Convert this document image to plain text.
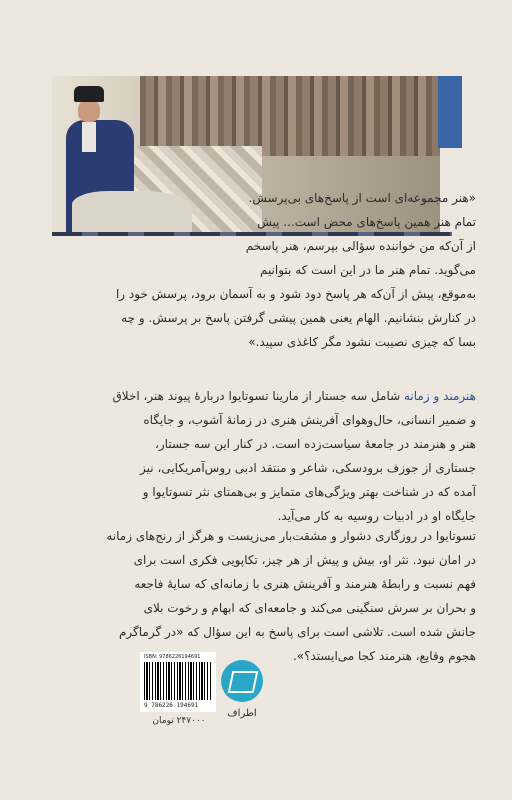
«هنر مجموعه‌ای است از پاسخ‌های بی‌پرسش.
تمام هنر همین پاسخ‌های محض است... پیش
از آن‌که من خواننده سؤالی بپرسم، هنر پاسخم
می‌گوید. تمام هنر ما در این است که بتوانیم
به‌موقع، پیش از آن‌که هر پاسخ دود شود و به آسمان برود، پرسش خود را
در کنارش بنشانیم. الهام یعنی همین پیشی گرفتن پاسخ بر پرسش. و چه
بسا که چیزی نصیبت نشود مگر کاغذی سپید.»
هنرمند و زمانه شامل سه جستار از مارینا تسوتایوا دربارهٔ پیوند هنر، اخلاق
و ضمیر انسانی، حال‌وهوای آفرینش هنری در زمانهٔ آشوب، و جایگاه
هنر و هنرمند در جامعهٔ سیاست‌زده است. در کنار این سه جستار،
جستاری از جوزف برودسکی، شاعر و منتقد ادبی روس‌آمریکایی، نیز
آمده که در شناخت بهتر ویژگی‌های متمایز و بی‌همتای نثر تسوتایوا و
جایگاه او در ادبیات روسیه به کار می‌آید.
تسوتایوا در روزگاری دشوار و مشقت‌بار می‌زیست و هرگز از رنج‌های زمانه
در امان نبود. نثر او، بیش و پیش از هر چیز، تکاپویی فکری است برای
فهم نسبت و رابطهٔ هنرمند و آفرینش هنری با زمانه‌ای که سایهٔ فاجعه
و بحران بر سرش سنگینی می‌کند و جامعه‌ای که ابهام و رخوت بلای
جانش شده است. تلاشی است برای پاسخ به این سؤال که «در گرماگرم
هجوم وقایع، هنرمند کجا می‌ایستد؟».
ISBN: 9786226194691
9 786226 194691
۲۴۷۰۰۰ تومان
اطراف
